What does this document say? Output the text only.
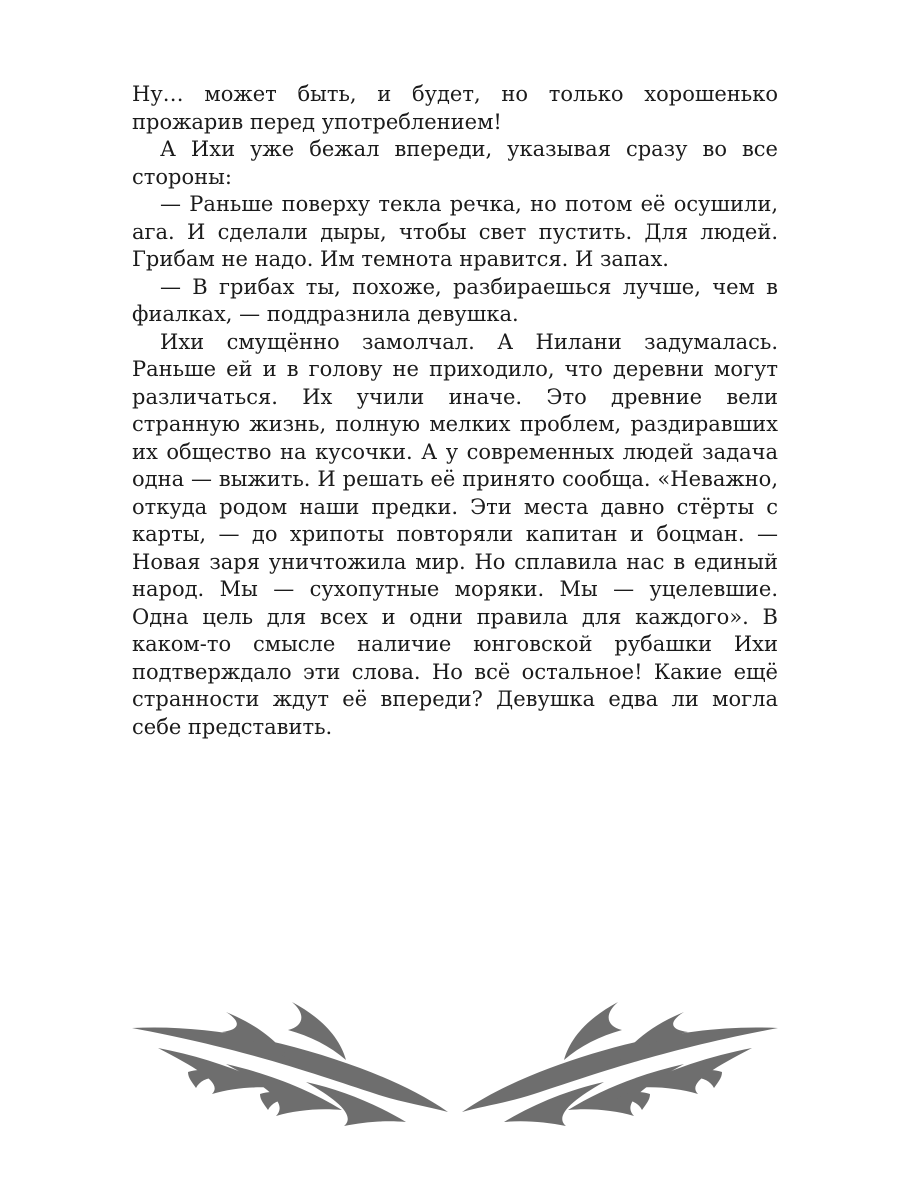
Ну… может быть, и будет, но только хорошенько прожарив перед употреблением!

А Ихи уже бежал впереди, указывая сразу во все стороны:

— Раньше поверху текла речка, но потом её осушили, ага. И сделали дыры, чтобы свет пустить. Для людей. Грибам не надо. Им темнота нравится. И запах.

— В грибах ты, похоже, разбираешься лучше, чем в фиалках, — поддразнила девушка.

Ихи смущённо замолчал. А Нилани задумалась. Раньше ей и в голову не приходило, что деревни могут различаться. Их учили иначе. Это древние вели странную жизнь, полную мелких проблем, раздиравших их общество на кусочки. А у современных людей задача одна — выжить. И решать её принято сообща. «Неважно, откуда родом наши предки. Эти места давно стёрты с карты, — до хрипоты повторяли капитан и боцман. — Новая заря уничтожила мир. Но сплавила нас в единый народ. Мы — сухопутные моряки. Мы — уцелевшие. Одна цель для всех и одни правила для каждого». В каком-то смысле наличие юнговской рубашки Ихи подтверждало эти слова. Но всё остальное! Какие ещё странности ждут её впереди? Девушка едва ли могла себе представить.
